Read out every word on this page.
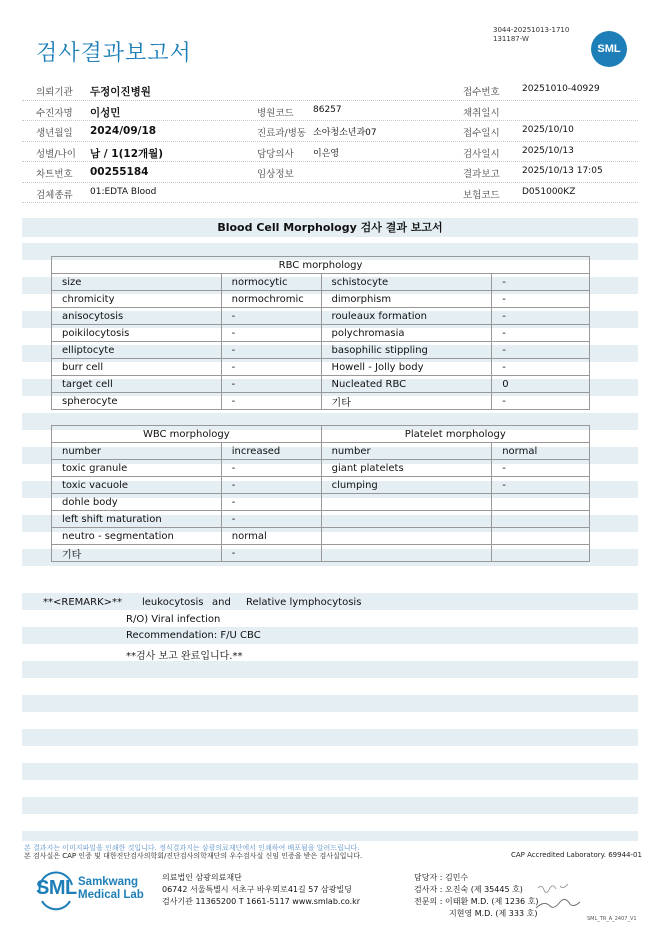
검사결과보고서
3044-20251013-1710
131187-W
SML
의뢰기관 두정이진병원	접수번호 20251010-40929
수진자명 이성민	병원코드 86257	채취일시
생년월일 2024/09/18	진료과/병동 소아청소년과07	접수일시 2025/10/10
성별/나이 남 / 1(12개월)	담당의사 이은영	검사일시 2025/10/13
차트번호 00255184	임상정보	결과보고 2025/10/13 17:05
검체종류 01:EDTA Blood	보험코드 D051000KZ
Blood Cell Morphology 검사 결과 보고서
RBC morphology			
size	normocytic	schistocyte	-
chromicity	normochromic	dimorphism	-
anisocytosis	-	rouleaux formation	-
poikilocytosis	-	polychromasia	-
elliptocyte	-	basophilic stippling	-
burr cell	-	Howell - Jolly body	-
target cell	-	Nucleated RBC	0
spherocyte	-	기타	-
WBC morphology		Platelet morphology	
number	increased	number	normal
toxic granule	-	giant platelets	-
toxic vacuole	-	clumping	-
dohle body	-		
left shift maturation	-		
neutro - segmentation	normal		
기타	-		
**<REMARK>** leukocytosis and Relative lymphocytosis
R/O) Viral infection
Recommendation: F/U CBC
**검사 보고 완료입니다.**
본 결과지는 이미지파일을 인쇄한 것입니다. 정식결과지는 삼광의료재단에서 인쇄하여 배포됨을 알려드립니다.
본 검사실은 CAP 인증 및 대한진단검사의학회/진단검사의학재단의 우수검사실 신임 인증을 받은 검사실입니다.	CAP Accredited Laboratory. 69944-01
SML Samkwang
Medical Lab
의료법인 삼광의료재단
06742 서울특별시 서초구 바우뫼로41길 57 삼광빌딩
검사기관 11365200 T 1661-5117 www.smlab.co.kr
담당자 : 김민수
검사자 : 오진숙 (제 35445 호)
전문의 : 이태환 M.D. (제 1236 호)
지현영 M.D. (제 333 호)
SML_TR_A_2407_V1
